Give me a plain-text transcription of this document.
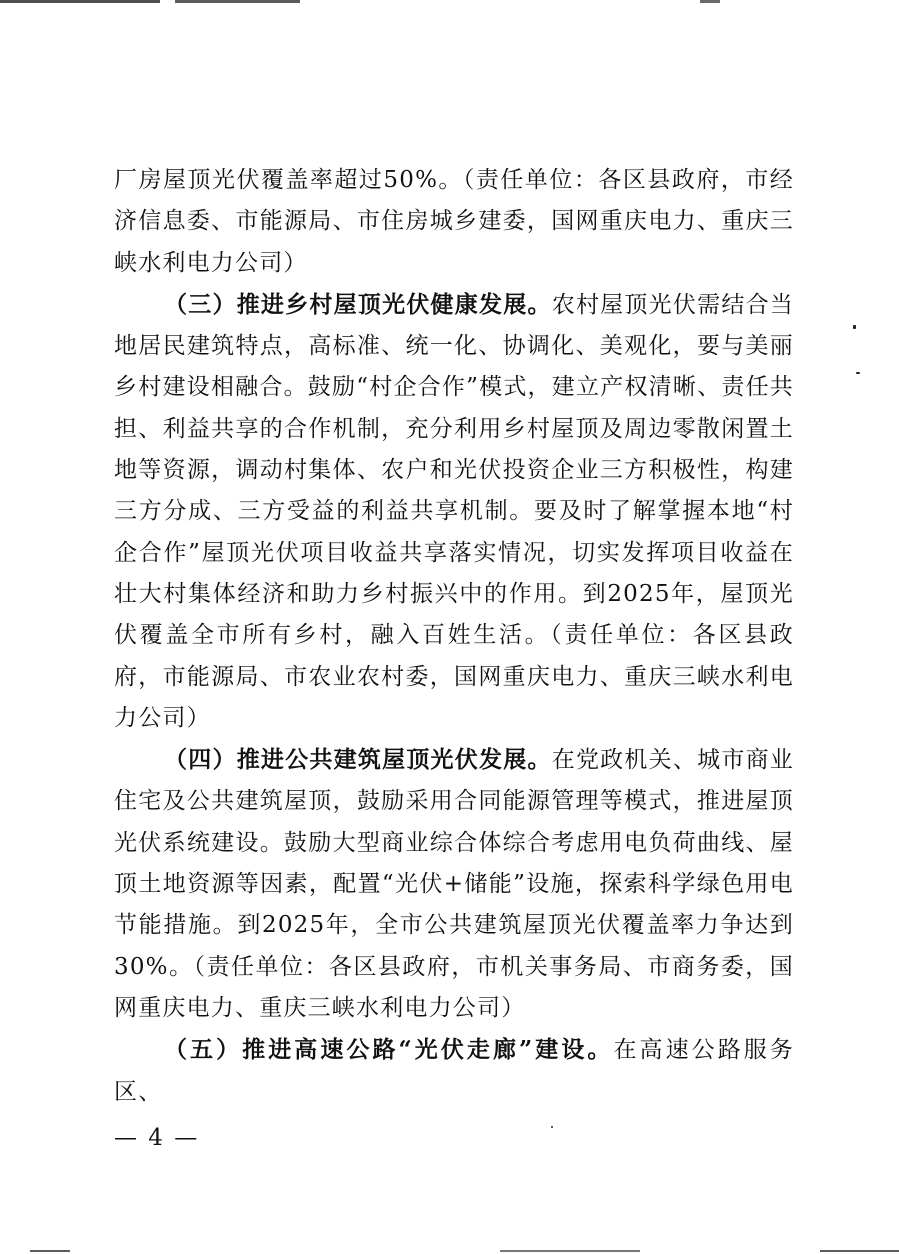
厂房屋顶光伏覆盖率超过50%。（责任单位：各区县政府，市经济信息委、市能源局、市住房城乡建委，国网重庆电力、重庆三峡水利电力公司）

（三）推进乡村屋顶光伏健康发展。农村屋顶光伏需结合当地居民建筑特点，高标准、统一化、协调化、美观化，要与美丽乡村建设相融合。鼓励“村企合作”模式，建立产权清晰、责任共担、利益共享的合作机制，充分利用乡村屋顶及周边零散闲置土地等资源，调动村集体、农户和光伏投资企业三方积极性，构建三方分成、三方受益的利益共享机制。要及时了解掌握本地“村企合作”屋顶光伏项目收益共享落实情况，切实发挥项目收益在壮大村集体经济和助力乡村振兴中的作用。到2025年，屋顶光伏覆盖全市所有乡村，融入百姓生活。（责任单位：各区县政府，市能源局、市农业农村委，国网重庆电力、重庆三峡水利电力公司）

（四）推进公共建筑屋顶光伏发展。在党政机关、城市商业住宅及公共建筑屋顶，鼓励采用合同能源管理等模式，推进屋顶光伏系统建设。鼓励大型商业综合体综合考虑用电负荷曲线、屋顶土地资源等因素，配置“光伏+储能”设施，探索科学绿色用电节能措施。到2025年，全市公共建筑屋顶光伏覆盖率力争达到30%。（责任单位：各区县政府，市机关事务局、市商务委，国网重庆电力、重庆三峡水利电力公司）

（五）推进高速公路“光伏走廊”建设。在高速公路服务区、

— 4 —
